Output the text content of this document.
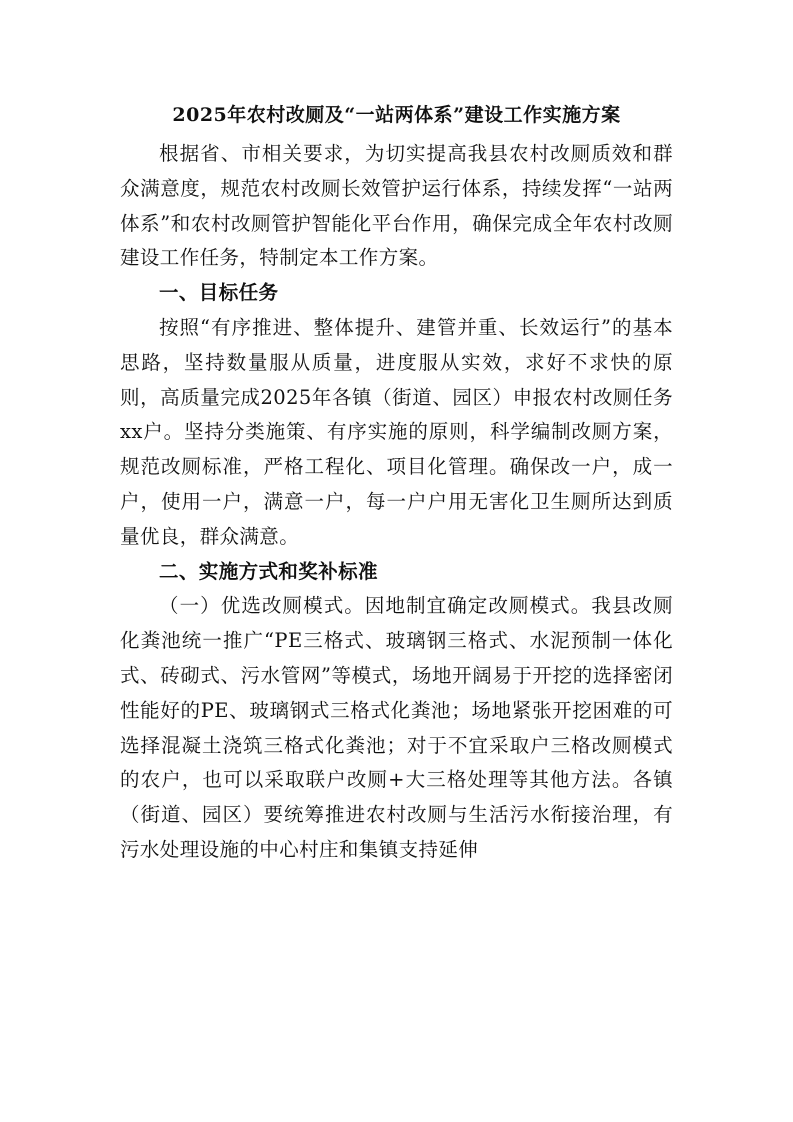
2025年农村改厕及“一站两体系”建设工作实施方案

根据省、市相关要求，为切实提高我县农村改厕质效和群众满意度，规范农村改厕长效管护运行体系，持续发挥“一站两体系”和农村改厕管护智能化平台作用，确保完成全年农村改厕建设工作任务，特制定本工作方案。

一、目标任务

按照“有序推进、整体提升、建管并重、长效运行”的基本思路，坚持数量服从质量，进度服从实效，求好不求快的原则，高质量完成2025年各镇（街道、园区）申报农村改厕任务xx户。坚持分类施策、有序实施的原则，科学编制改厕方案，规范改厕标准，严格工程化、项目化管理。确保改一户，成一户，使用一户，满意一户，每一户户用无害化卫生厕所达到质量优良，群众满意。

二、实施方式和奖补标准

（一）优选改厕模式。因地制宜确定改厕模式。我县改厕化粪池统一推广“PE三格式、玻璃钢三格式、水泥预制一体化式、砖砌式、污水管网”等模式，场地开阔易于开挖的选择密闭性能好的PE、玻璃钢式三格式化粪池；场地紧张开挖困难的可选择混凝土浇筑三格式化粪池；对于不宜采取户三格改厕模式的农户，也可以采取联户改厕+大三格处理等其他方法。各镇（街道、园区）要统筹推进农村改厕与生活污水衔接治理，有污水处理设施的中心村庄和集镇支持延伸
